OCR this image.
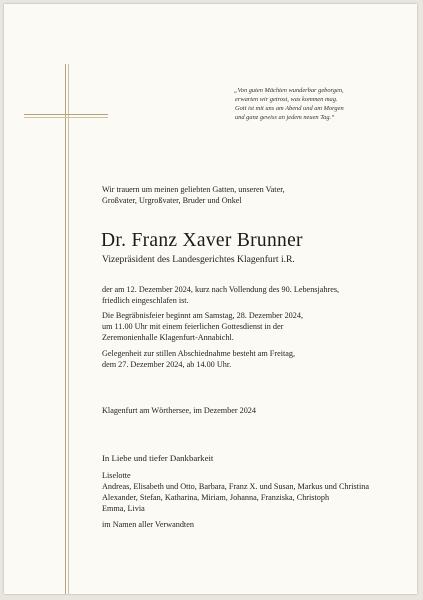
„Von guten Mächten wunderbar geborgen,
erwarten wir getrost, was kommen mag.
Gott ist mit uns am Abend und am Morgen
und ganz gewiss an jedem neuen Tag.“
Wir trauern um meinen geliebten Gatten, unseren Vater,
Großvater, Urgroßvater, Bruder und Onkel
Dr. Franz Xaver Brunner
Vizepräsident des Landesgerichtes Klagenfurt i.R.
der am 12. Dezember 2024, kurz nach Vollendung des 90. Lebensjahres,
friedlich eingeschlafen ist.
Die Begräbnisfeier beginnt am Samstag, 28. Dezember 2024,
um 11.00 Uhr mit einem feierlichen Gottesdienst in der
Zeremonienhalle Klagenfurt-Annabichl.
Gelegenheit zur stillen Abschiednahme besteht am Freitag,
dem 27. Dezember 2024, ab 14.00 Uhr.
Klagenfurt am Wörthersee, im Dezember 2024
In Liebe und tiefer Dankbarkeit
Liselotte
Andreas, Elisabeth und Otto, Barbara, Franz X. und Susan, Markus und Christina
Alexander, Stefan, Katharina, Miriam, Johanna, Franziska, Christoph
Emma, Livia
im Namen aller Verwandten
